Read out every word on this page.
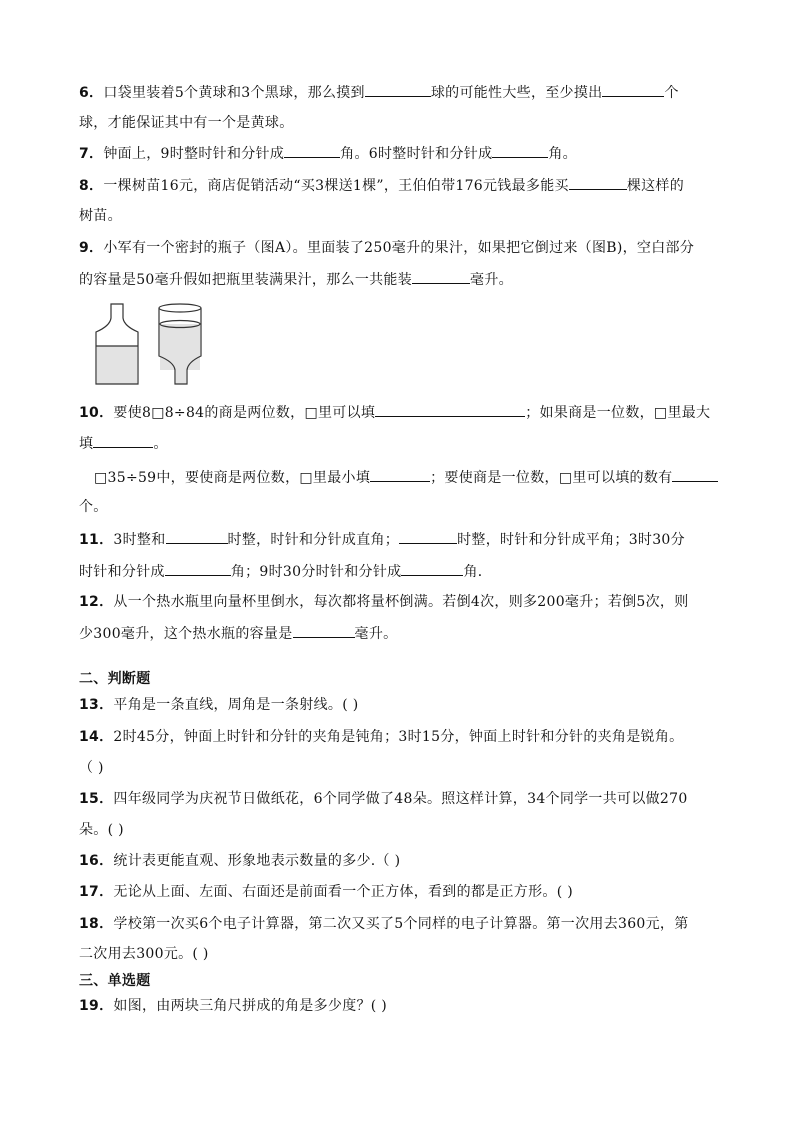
6．口袋里装着5个黄球和3个黑球，那么摸到	球的可能性大些，至少摸出	个
球，才能保证其中有一个是黄球。
7．钟面上，9时整时针和分针成	角。6时整时针和分针成	角。
8．一棵树苗16元，商店促销活动“买3棵送1棵”，王伯伯带176元钱最多能买	棵这样的
树苗。
9．小军有一个密封的瓶子（图A）。里面装了250毫升的果汁，如果把它倒过来（图B)，空白部分
的容量是50毫升假如把瓶里装满果汁，那么一共能装	毫升。
10．要使8□8÷84的商是两位数，□里可以填	；如果商是一位数，□里最大
填	。
□35÷59中，要使商是两位数，□里最小填	；要使商是一位数，□里可以填的数有
个。
11．3时整和	时整，时针和分针成直角；	时整，时针和分针成平角；3时30分
时针和分针成	角；9时30分时针和分针成	角．
12．从一个热水瓶里向量杯里倒水，每次都将量杯倒满。若倒4次，则多200毫升；若倒5次，则
少300毫升，这个热水瓶的容量是	毫升。
二、判断题
13．平角是一条直线，周角是一条射线。( )
14．2时45分，钟面上时针和分针的夹角是钝角；3时15分，钟面上时针和分针的夹角是锐角。
（ )
15．四年级同学为庆祝节日做纸花，6个同学做了48朵。照这样计算，34个同学一共可以做270
朵。( )
16．统计表更能直观、形象地表示数量的多少.（ )
17．无论从上面、左面、右面还是前面看一个正方体，看到的都是正方形。( )
18．学校第一次买6个电子计算器，第二次又买了5个同样的电子计算器。第一次用去360元，第
二次用去300元。( )
三、单选题
19．如图，由两块三角尺拼成的角是多少度？( )
